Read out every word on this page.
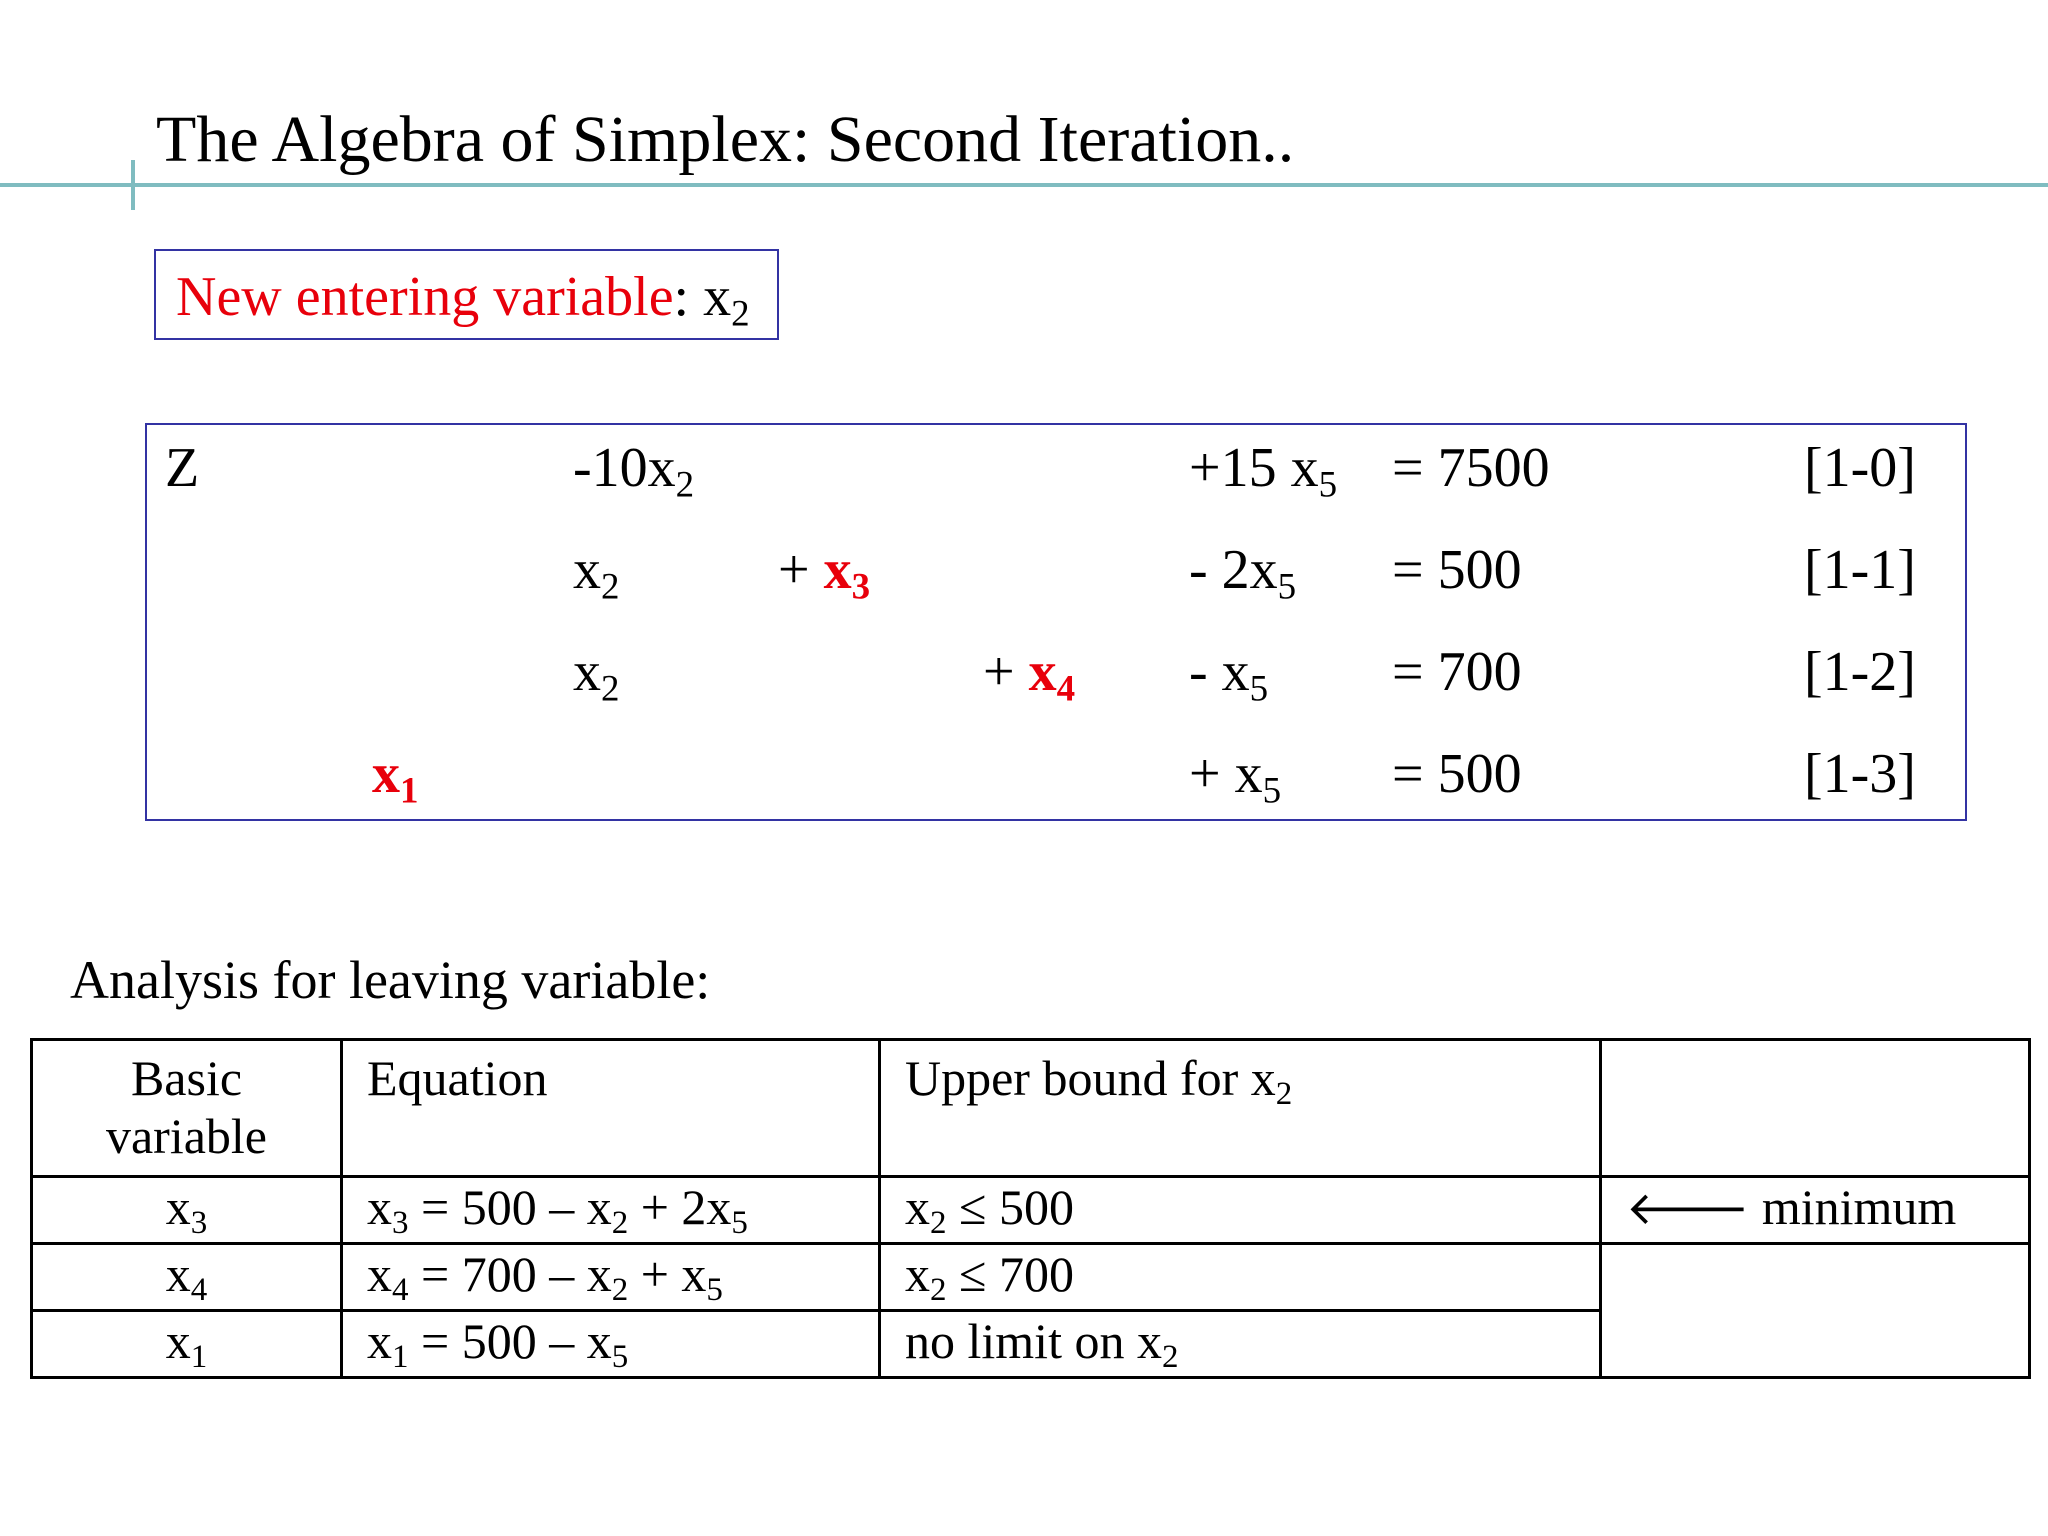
The Algebra of Simplex: Second Iteration..
New entering variable: $x_2$
Z	$-10x_2$	+15 $x_5 = 7500$	[1-0]
$x_2$	+ $x_3$	- $2x_5 = 500$	[1-1]
$x_2$	+ $x_4 - x_5 = 700$	[1-2]
$x_1$	+ $x_5 = 500$	[1-3]
Analysis for leaving variable:
Basic
variable	Equation	Upper bound for $x_2$	
$x_3$	$x_3 = 500 - x_2 + 2x_5$	$x_2 \le 500$	🡐 minimum
$x_4$	$x_4 = 700 - x_2 + x_5$	$x_2 \le 700$	
$x_1$	$x_1 = 500 - x_5$	no limit on $x_2$
